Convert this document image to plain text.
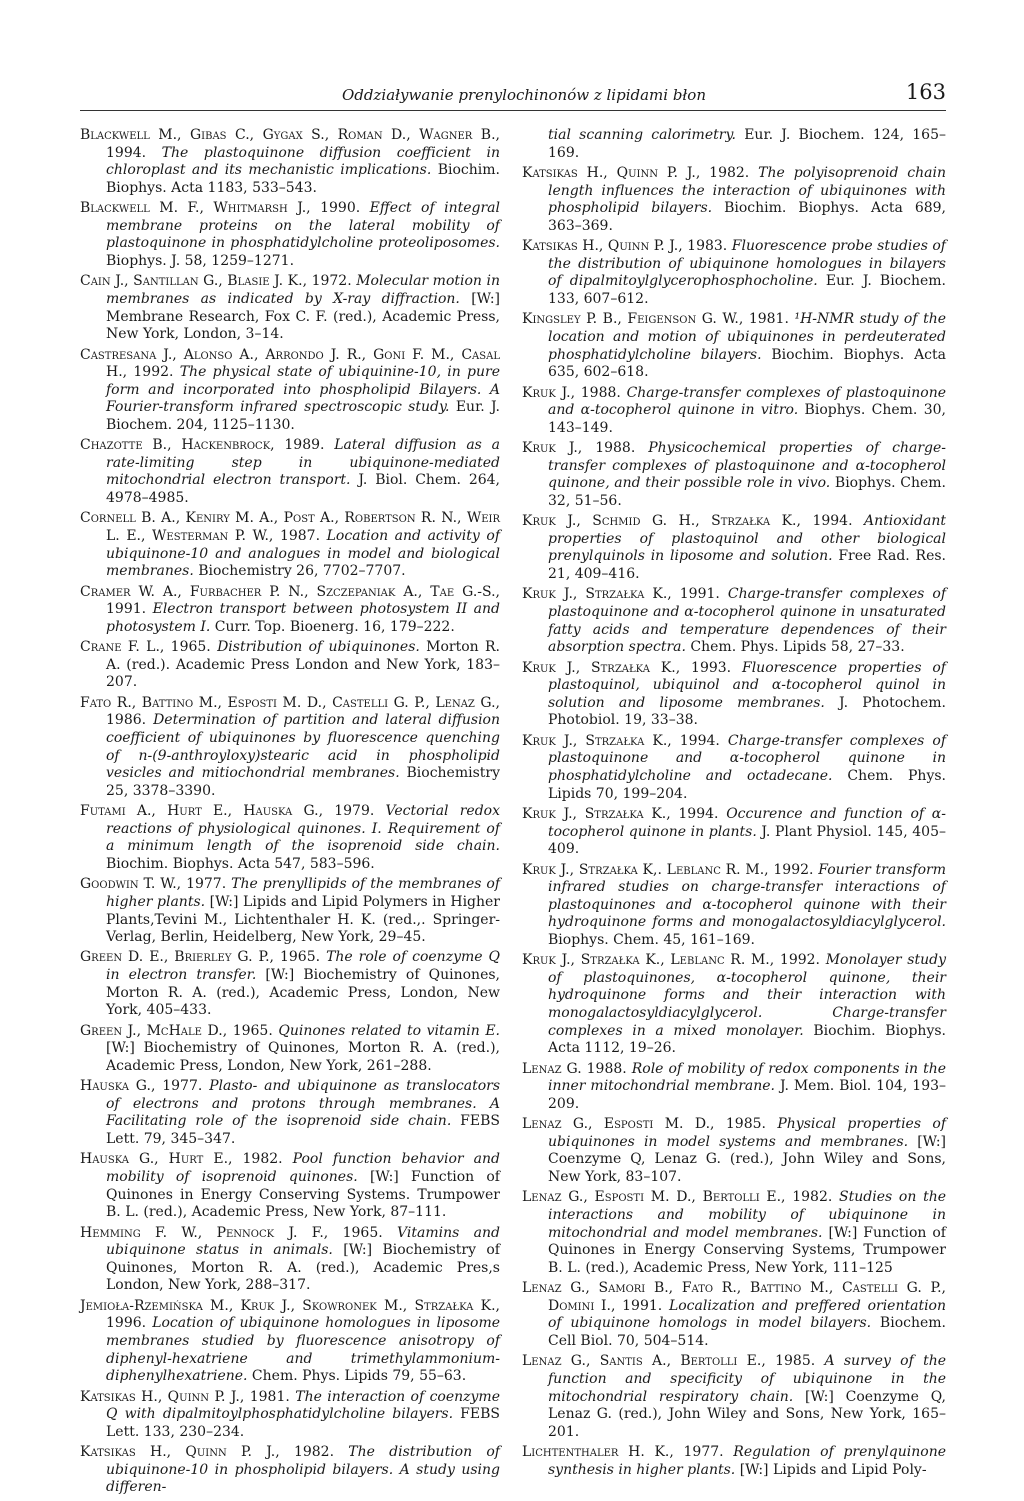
Oddziaływanie prenylochinonów z lipidami błon	163

Blackwell M., Gibas C., Gygax S., Roman D., Wagner B., 1994. The plastoquinone diffusion coefficient in chloroplast and its mechanistic implications. Biochim. Biophys. Acta 1183, 533–543.

Blackwell M. F., Whitmarsh J., 1990. Effect of integral membrane proteins on the lateral mobility of plastoquinone in phosphatidylcholine proteoliposomes. Biophys. J. 58, 1259–1271.

Cain J., Santillan G., Blasie J. K., 1972. Molecular motion in membranes as indicated by X-ray diffraction. [W:] Membrane Research, Fox C. F. (red.), Academic Press, New York, London, 3–14.

Castresana J., Alonso A., Arrondo J. R., Goni F. M., Casal H., 1992. The physical state of ubiquinine-10, in pure form and incorporated into phospholipid Bilayers. A Fourier-transform infrared spectroscopic study. Eur. J. Biochem. 204, 1125–1130.

Chazotte B., Hackenbrock, 1989. Lateral diffusion as a rate-limiting step in ubiquinone-mediated mitochondrial electron transport. J. Biol. Chem. 264, 4978–4985.

Cornell B. A., Keniry M. A., Post A., Robertson R. N., Weir L. E., Westerman P. W., 1987. Location and activity of ubiquinone-10 and analogues in model and biological membranes. Biochemistry 26, 7702–7707.

Cramer W. A., Furbacher P. N., Szczepaniak A., Tae G.-S., 1991. Electron transport between photosystem II and photosystem I. Curr. Top. Bioenerg. 16, 179–222.

Crane F. L., 1965. Distribution of ubiquinones. Morton R. A. (red.). Academic Press London and New York, 183–207.

Fato R., Battino M., Esposti M. D., Castelli G. P., Lenaz G., 1986. Determination of partition and lateral diffusion coefficient of ubiquinones by fluorescence quenching of n-(9-anthroyloxy)stearic acid in phospholipid vesicles and mitiochondrial membranes. Biochemistry 25, 3378–3390.

Futami A., Hurt E., Hauska G., 1979. Vectorial redox reactions of physiological quinones. I. Requirement of a minimum length of the isoprenoid side chain. Biochim. Biophys. Acta 547, 583–596.

Goodwin T. W., 1977. The prenyllipids of the membranes of higher plants. [W:] Lipids and Lipid Polymers in Higher Plants,Tevini M., Lichtenthaler H. K. (red.,. Springer-Verlag, Berlin, Heidelberg, New York, 29–45.

Green D. E., Brierley G. P., 1965. The role of coenzyme Q in electron transfer. [W:] Biochemistry of Quinones, Morton R. A. (red.), Academic Press, London, New York, 405–433.

Green J., McHale D., 1965. Quinones related to vitamin E. [W:] Biochemistry of Quinones, Morton R. A. (red.), Academic Press, London, New York, 261–288.

Hauska G., 1977. Plasto- and ubiquinone as translocators of electrons and protons through membranes. A Facilitating role of the isoprenoid side chain. FEBS Lett. 79, 345–347.

Hauska G., Hurt E., 1982. Pool function behavior and mobility of isoprenoid quinones. [W:] Function of Quinones in Energy Conserving Systems. Trumpower B. L. (red.), Academic Press, New York, 87–111.

Hemming F. W., Pennock J. F., 1965. Vitamins and ubiquinone status in animals. [W:] Biochemistry of Quinones, Morton R. A. (red.), Academic Pres,s London, New York, 288–317.

Jemioła-Rzemińska M., Kruk J., Skowronek M., Strzałka K., 1996. Location of ubiquinone homologues in liposome membranes studied by fluorescence anisotropy of diphenyl-hexatriene and trimethylammonium-diphenylhexatriene. Chem. Phys. Lipids 79, 55–63.

Katsikas H., Quinn P. J., 1981. The interaction of coenzyme Q with dipalmitoylphosphatidylcholine bilayers. FEBS Lett. 133, 230–234.

Katsikas H., Quinn P. J., 1982. The distribution of ubiquinone-10 in phospholipid bilayers. A study using differen-

tial scanning calorimetry. Eur. J. Biochem. 124, 165–169.

Katsikas H., Quinn P. J., 1982. The polyisoprenoid chain length influences the interaction of ubiquinones with phospholipid bilayers. Biochim. Biophys. Acta 689, 363–369.

Katsikas H., Quinn P. J., 1983. Fluorescence probe studies of the distribution of ubiquinone homologues in bilayers of dipalmitoylglycerophosphocholine. Eur. J. Biochem. 133, 607–612.

Kingsley P. B., Feigenson G. W., 1981. ¹H-NMR study of the location and motion of ubiquinones in perdeuterated phosphatidylcholine bilayers. Biochim. Biophys. Acta 635, 602–618.

Kruk J., 1988. Charge-transfer complexes of plastoquinone and α-tocopherol quinone in vitro. Biophys. Chem. 30, 143–149.

Kruk J., 1988. Physicochemical properties of charge-transfer complexes of plastoquinone and α-tocopherol quinone, and their possible role in vivo. Biophys. Chem. 32, 51–56.

Kruk J., Schmid G. H., Strzałka K., 1994. Antioxidant properties of plastoquinol and other biological prenylquinols in liposome and solution. Free Rad. Res. 21, 409–416.

Kruk J., Strzałka K., 1991. Charge-transfer complexes of plastoquinone and α-tocopherol quinone in unsaturated fatty acids and temperature dependences of their absorption spectra. Chem. Phys. Lipids 58, 27–33.

Kruk J., Strzałka K., 1993. Fluorescence properties of plastoquinol, ubiquinol and α-tocopherol quinol in solution and liposome membranes. J. Photochem. Photobiol. 19, 33–38.

Kruk J., Strzałka K., 1994. Charge-transfer complexes of plastoquinone and α-tocopherol quinone in phosphatidylcholine and octadecane. Chem. Phys. Lipids 70, 199–204.

Kruk J., Strzałka K., 1994. Occurence and function of α-tocopherol quinone in plants. J. Plant Physiol. 145, 405–409.

Kruk J., Strzałka K,. Leblanc R. M., 1992. Fourier transform infrared studies on charge-transfer interactions of plastoquinones and α-tocopherol quinone with their hydroquinone forms and monogalactosyldiacylglycerol. Biophys. Chem. 45, 161–169.

Kruk J., Strzałka K., Leblanc R. M., 1992. Monolayer study of plastoquinones, α-tocopherol quinone, their hydroquinone forms and their interaction with monogalactosyldiacylglycerol. Charge-transfer complexes in a mixed monolayer. Biochim. Biophys. Acta 1112, 19–26.

Lenaz G. 1988. Role of mobility of redox components in the inner mitochondrial membrane. J. Mem. Biol. 104, 193–209.

Lenaz G., Esposti M. D., 1985. Physical properties of ubiquinones in model systems and membranes. [W:] Coenzyme Q, Lenaz G. (red.), John Wiley and Sons, New York, 83–107.

Lenaz G., Esposti M. D., Bertolli E., 1982. Studies on the interactions and mobility of ubiquinone in mitochondrial and model membranes. [W:] Function of Quinones in Energy Conserving Systems, Trumpower B. L. (red.), Academic Press, New York, 111–125

Lenaz G., Samori B., Fato R., Battino M., Castelli G. P., Domini I., 1991. Localization and preffered orientation of ubiquinone homologs in model bilayers. Biochem. Cell Biol. 70, 504–514.

Lenaz G., Santis A., Bertolli E., 1985. A survey of the function and specificity of ubiquinone in the mitochondrial respiratory chain. [W:] Coenzyme Q, Lenaz G. (red.), John Wiley and Sons, New York, 165–201.

Lichtenthaler H. K., 1977. Regulation of prenylquinone synthesis in higher plants. [W:] Lipids and Lipid Poly-
